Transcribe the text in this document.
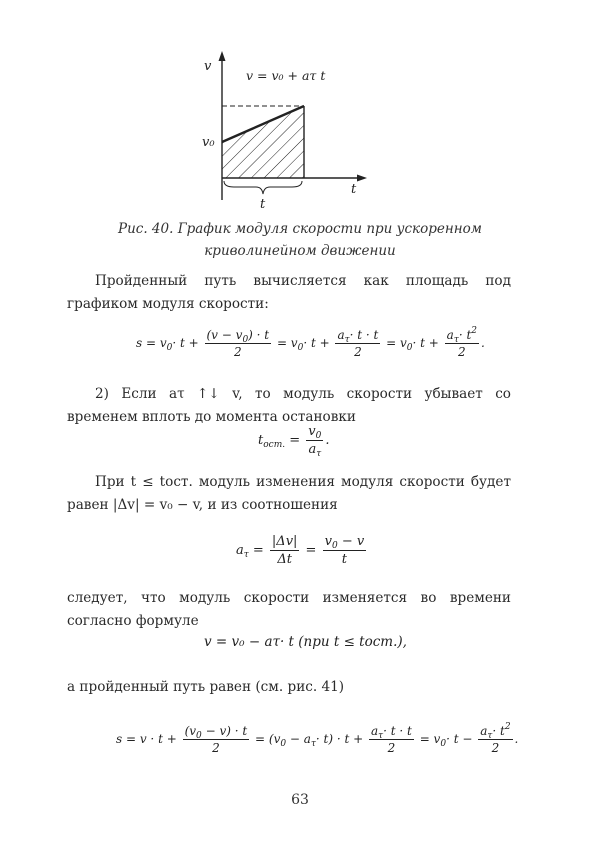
v
v = v₀ + aτ t
v₀
t
t
Рис. 40. График модуля скорости при ускоренном
криволинейном движении
Пройденный путь вычисляется как площадь под графиком модуля скорости:
$s = v_0\cdot t + \frac{(v - v_0) \cdot t}{2} = v_0\cdot t + \frac{a_\tau\cdot t \cdot t}{2} = v_0\cdot t + \frac{a_\tau\cdot t^2}{2}$ .
2) Если aτ ↑↓ v, то модуль скорости убывает со временем вплоть до момента остановки
$t_{ост.} = \frac{v_0}{a_\tau}$ .
При t ≤ tост. модуль изменения модуля скорости будет равен |Δv| = v₀ − v, и из соотношения
$a_\tau = \frac{|\Delta v|}{\Delta t} = \frac{v_0 - v}{t}$
следует, что модуль скорости изменяется во времени согласно формуле
v = v₀ − aτ· t (при t ≤ tост.),
а пройденный путь равен (см. рис. 41)
$s = v \cdot t + \frac{(v_0 - v) \cdot t}{2} = (v_0 - a_\tau\cdot t) \cdot t + \frac{a_\tau\cdot t \cdot t}{2} = v_0\cdot t - \frac{a_\tau\cdot t^2}{2}$ .
63
